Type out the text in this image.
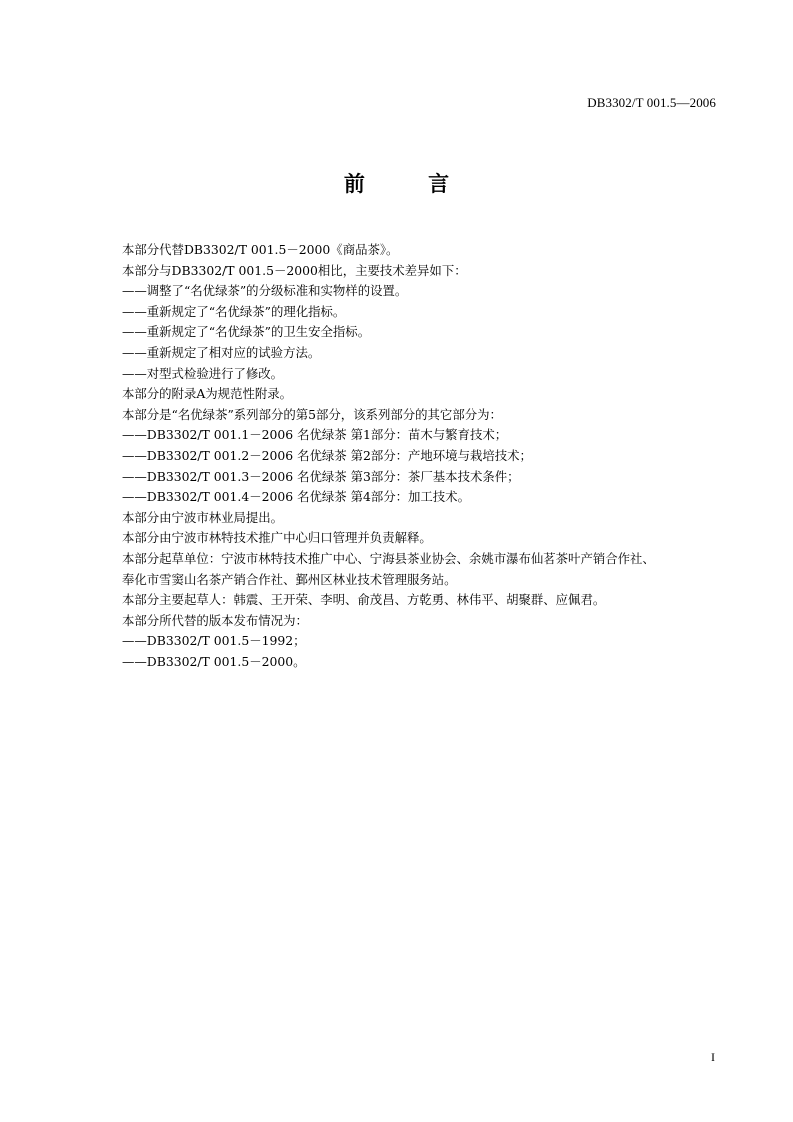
DB3302/T 001.5—2006
前 言
本部分代替DB3302/T 001.5－2000《商品茶》。
本部分与DB3302/T 001.5－2000相比，主要技术差异如下：
——调整了“名优绿茶”的分级标准和实物样的设置。
——重新规定了“名优绿茶”的理化指标。
——重新规定了“名优绿茶”的卫生安全指标。
——重新规定了相对应的试验方法。
——对型式检验进行了修改。
本部分的附录A为规范性附录。
本部分是“名优绿茶”系列部分的第5部分，该系列部分的其它部分为：
——DB3302/T 001.1－2006 名优绿茶 第1部分：苗木与繁育技术；
——DB3302/T 001.2－2006 名优绿茶 第2部分：产地环境与栽培技术；
——DB3302/T 001.3－2006 名优绿茶 第3部分：茶厂基本技术条件；
——DB3302/T 001.4－2006 名优绿茶 第4部分：加工技术。
本部分由宁波市林业局提出。
本部分由宁波市林特技术推广中心归口管理并负责解释。
本部分起草单位：宁波市林特技术推广中心、宁海县茶业协会、余姚市瀑布仙茗茶叶产销合作社、
奉化市雪窦山名茶产销合作社、鄞州区林业技术管理服务站。
本部分主要起草人：韩震、王开荣、李明、俞茂昌、方乾勇、林伟平、胡聚群、应佩君。
本部分所代替的版本发布情况为：
——DB3302/T 001.5－1992；
——DB3302/T 001.5－2000。
I
